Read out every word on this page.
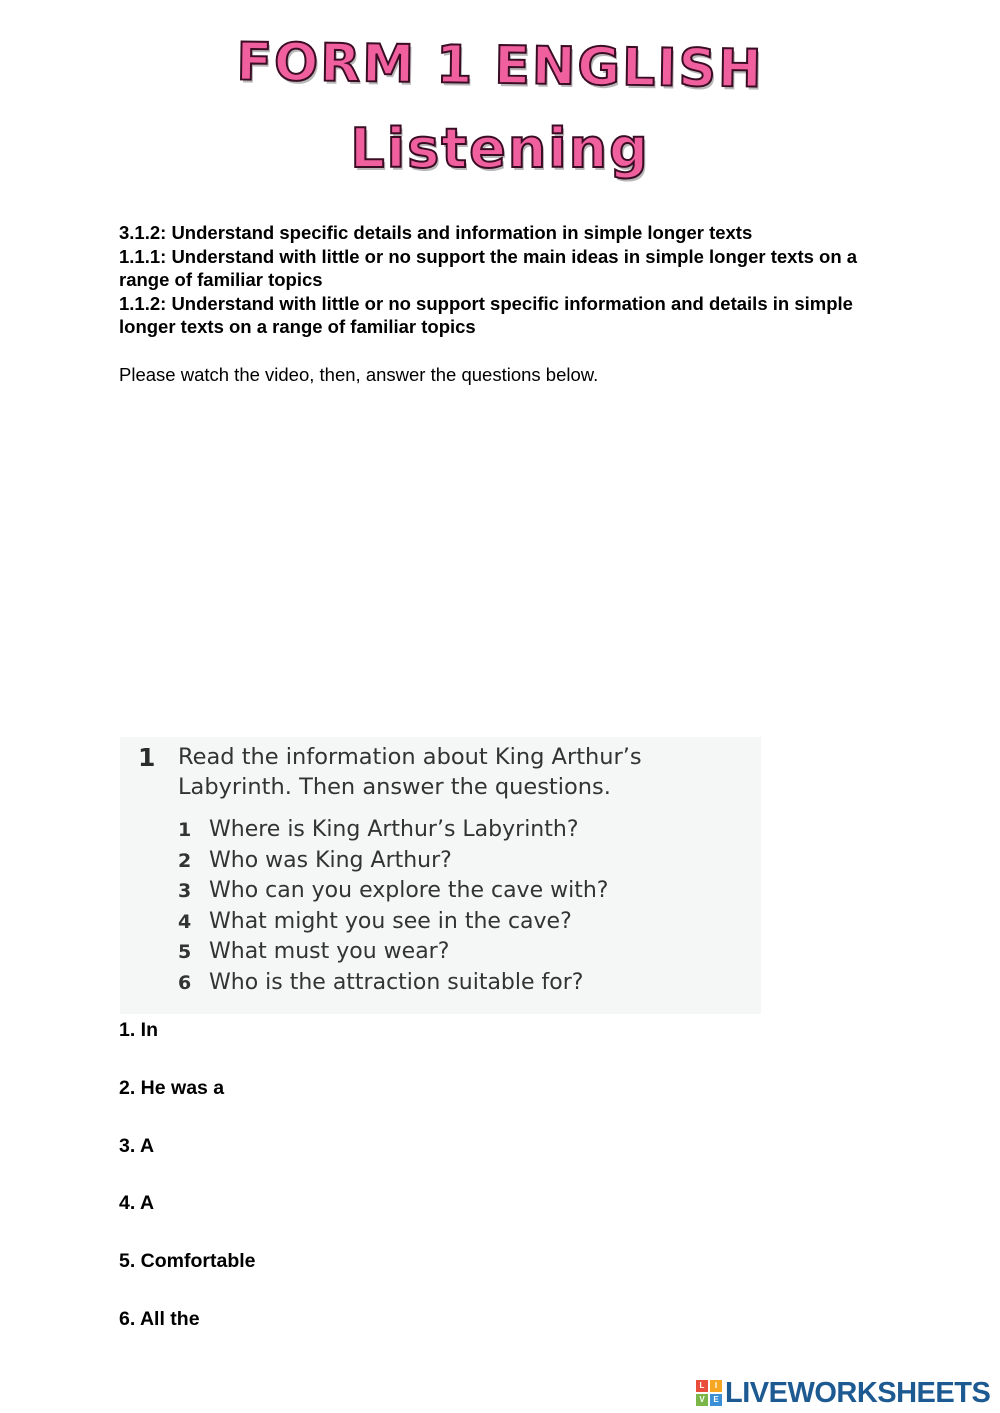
FORM 1 ENGLISH
Listening
3.1.2: Understand specific details and information in simple longer texts
1.1.1: Understand with little or no support the main ideas in simple longer texts on a range of familiar topics
1.1.2: Understand with little or no support specific information and details in simple longer texts on a range of familiar topics
Please watch the video, then, answer the questions below.
1 Read the information about King Arthur’s
Labyrinth. Then answer the questions.
1 Where is King Arthur’s Labyrinth?
2 Who was King Arthur?
3 Who can you explore the cave with?
4 What might you see in the cave?
5 What must you wear?
6 Who is the attraction suitable for?
1. In
2. He was a
3. A
4. A
5. Comfortable
6. All the
L	I
V	E LIVEWORKSHEETS
